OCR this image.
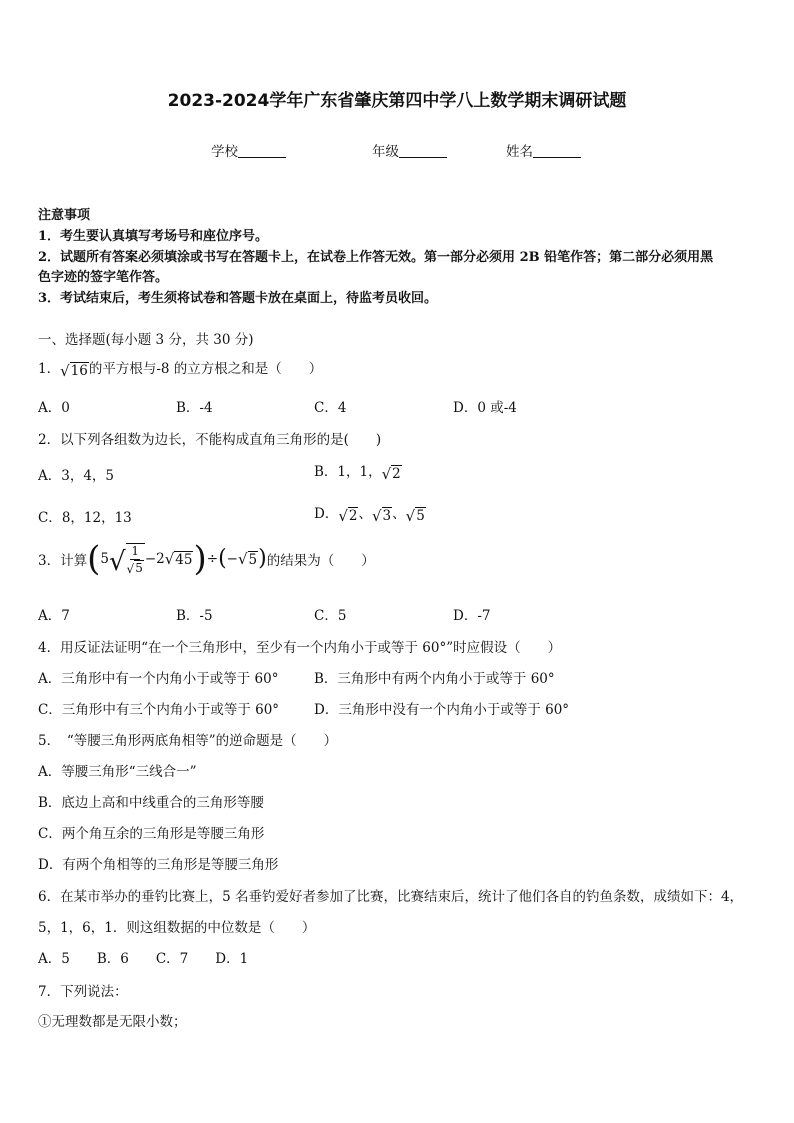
2023-2024学年广东省肇庆第四中学八上数学期末调研试题
学校	年级	姓名
注意事项
1．考生要认真填写考场号和座位序号。
2．试题所有答案必须填涂或书写在答题卡上，在试卷上作答无效。第一部分必须用 2B 铅笔作答；第二部分必须用黑
色字迹的签字笔作答。
3．考试结束后，考生须将试卷和答题卡放在桌面上，待监考员收回。
一、选择题(每小题 3 分，共 30 分)
1． √ 16 的平方根与-8 的立方根之和是（　　）
A．0	B．-4	C．4	D．0 或-4
2．以下列各组数为边长，不能构成直角三角形的是(　　)
A．3，4，5	B．1，1， √ 2
C．8，12，13	D． √ 2 、 √ 3 、 √ 5
3．计算(5 √ $\frac{1}{√ 5} -2$ √ 45 )÷(− √ 5 )的结果为（　　）
A．7	B．-5	C．5	D．-7
4．用反证法证明“在一个三角形中，至少有一个内角小于或等于 60°”时应假设（　　）
A．三角形中有一个内角小于或等于 60°	B．三角形中有两个内角小于或等于 60°
C．三角形中有三个内角小于或等于 60°	D．三角形中没有一个内角小于或等于 60°
5．　“等腰三角形两底角相等”的逆命题是（　　）
A．等腰三角形“三线合一”
B．底边上高和中线重合的三角形等腰
C．两个角互余的三角形是等腰三角形
D．有两个角相等的三角形是等腰三角形
6．在某市举办的垂钓比赛上，5 名垂钓爱好者参加了比赛，比赛结束后，统计了他们各自的钓鱼条数，成绩如下：4，
5，1，6，1．则这组数据的中位数是（　　）
A．5　　B．6　　C．7　　D．1
7．下列说法：
①无理数都是无限小数；
